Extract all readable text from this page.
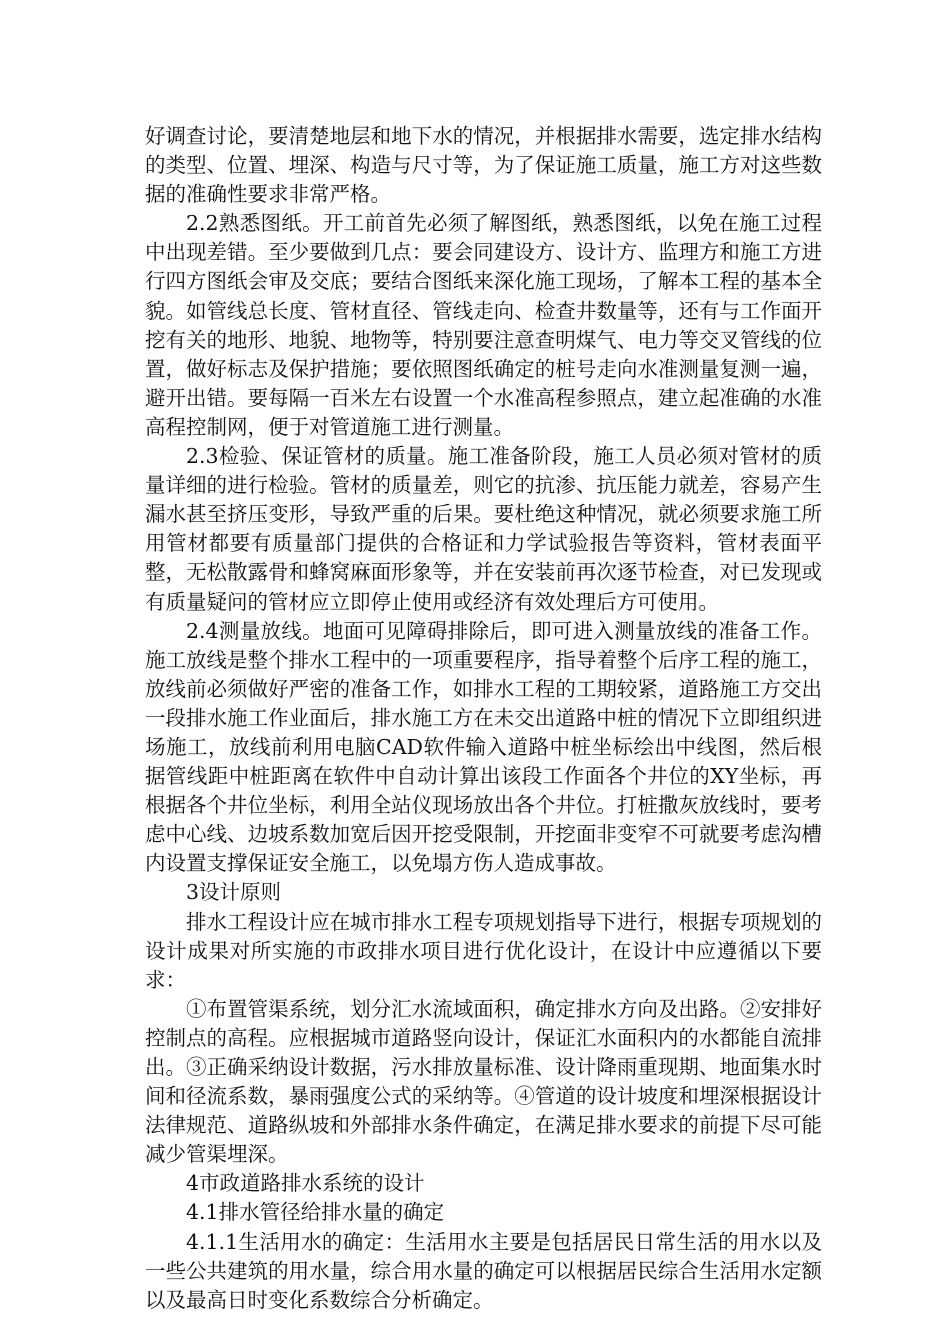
好调查讨论，要清楚地层和地下水的情况，并根据排水需要，选定排水结构的类型、位置、埋深、构造与尺寸等，为了保证施工质量，施工方对这些数据的准确性要求非常严格。

2.2熟悉图纸。开工前首先必须了解图纸，熟悉图纸，以免在施工过程中出现差错。至少要做到几点：要会同建设方、设计方、监理方和施工方进行四方图纸会审及交底；要结合图纸来深化施工现场，了解本工程的基本全貌。如管线总长度、管材直径、管线走向、检查井数量等，还有与工作面开挖有关的地形、地貌、地物等，特别要注意查明煤气、电力等交叉管线的位置，做好标志及保护措施；要依照图纸确定的桩号走向水准测量复测一遍，避开出错。要每隔一百米左右设置一个水准高程参照点，建立起准确的水准高程控制网，便于对管道施工进行测量。

2.3检验、保证管材的质量。施工准备阶段，施工人员必须对管材的质量详细的进行检验。管材的质量差，则它的抗渗、抗压能力就差，容易产生漏水甚至挤压变形，导致严重的后果。要杜绝这种情况，就必须要求施工所用管材都要有质量部门提供的合格证和力学试验报告等资料，管材表面平整，无松散露骨和蜂窝麻面形象等，并在安装前再次逐节检查，对已发现或有质量疑问的管材应立即停止使用或经济有效处理后方可使用。

2.4测量放线。地面可见障碍排除后，即可进入测量放线的准备工作。施工放线是整个排水工程中的一项重要程序，指导着整个后序工程的施工，放线前必须做好严密的准备工作，如排水工程的工期较紧，道路施工方交出一段排水施工作业面后，排水施工方在未交出道路中桩的情况下立即组织进场施工，放线前利用电脑CAD软件输入道路中桩坐标绘出中线图，然后根据管线距中桩距离在软件中自动计算出该段工作面各个井位的XY坐标，再根据各个井位坐标，利用全站仪现场放出各个井位。打桩撒灰放线时，要考虑中心线、边坡系数加宽后因开挖受限制，开挖面非变窄不可就要考虑沟槽内设置支撑保证安全施工，以免塌方伤人造成事故。

3设计原则

排水工程设计应在城市排水工程专项规划指导下进行，根据专项规划的设计成果对所实施的市政排水项目进行优化设计，在设计中应遵循以下要求：

①布置管渠系统，划分汇水流域面积，确定排水方向及出路。②安排好控制点的高程。应根据城市道路竖向设计，保证汇水面积内的水都能自流排出。③正确采纳设计数据，污水排放量标准、设计降雨重现期、地面集水时间和径流系数，暴雨强度公式的采纳等。④管道的设计坡度和埋深根据设计法律规范、道路纵坡和外部排水条件确定，在满足排水要求的前提下尽可能减少管渠埋深。

4市政道路排水系统的设计

4.1排水管径给排水量的确定

4.1.1生活用水的确定：生活用水主要是包括居民日常生活的用水以及一些公共建筑的用水量，综合用水量的确定可以根据居民综合生活用水定额以及最高日时变化系数综合分析确定。
